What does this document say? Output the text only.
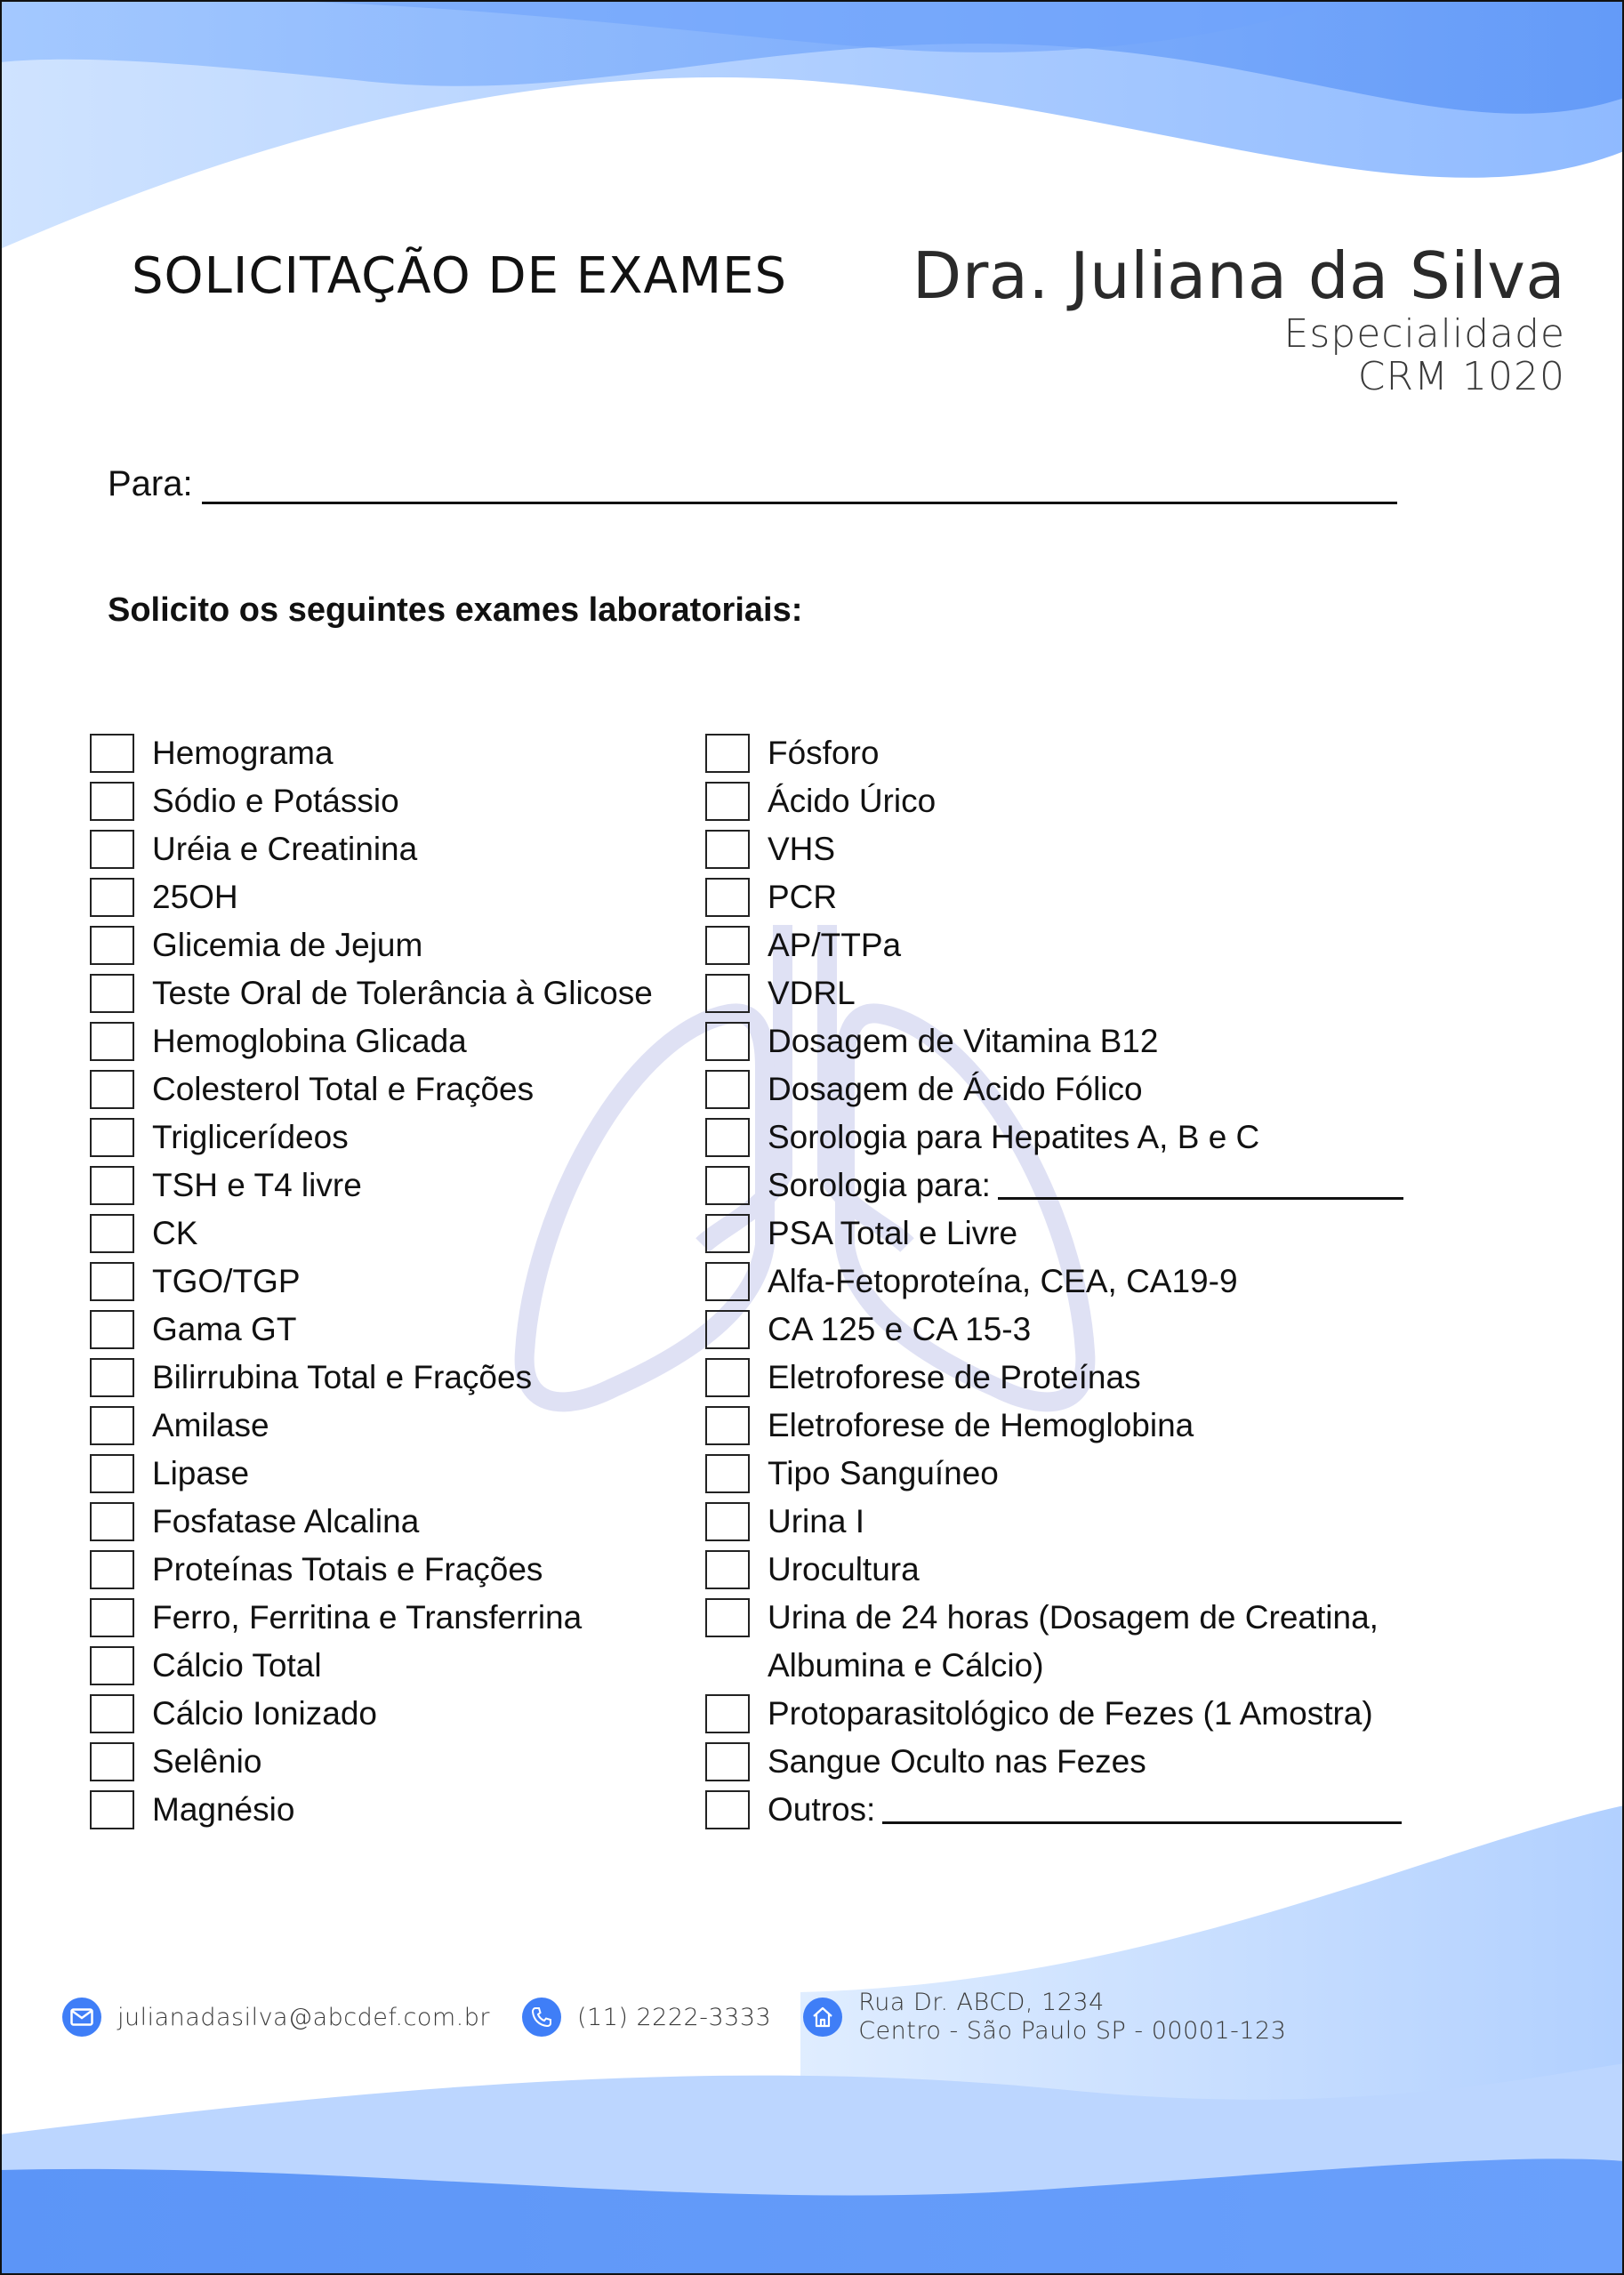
SOLICITAÇÃO DE EXAMES Dra. Juliana da Silva
Especialidade
CRM 1020
Para:
Solicito os seguintes exames laboratoriais:
Hemograma
Sódio e Potássio
Uréia e Creatinina
25OH
Glicemia de Jejum
Teste Oral de Tolerância à Glicose
Hemoglobina Glicada
Colesterol Total e Frações
Triglicerídeos
TSH e T4 livre
CK
TGO/TGP
Gama GT
Bilirrubina Total e Frações
Amilase
Lipase
Fosfatase Alcalina
Proteínas Totais e Frações
Ferro, Ferritina e Transferrina
Cálcio Total
Cálcio Ionizado
Selênio
Magnésio
Fósforo
Ácido Úrico
VHS
PCR
AP/TTPa
VDRL
Dosagem de Vitamina B12
Dosagem de Ácido Fólico
Sorologia para Hepatites A, B e C
Sorologia para:
PSA Total e Livre
Alfa-Fetoproteína, CEA, CA19-9
CA 125 e CA 15-3
Eletroforese de Proteínas
Eletroforese de Hemoglobina
Tipo Sanguíneo
Urina I
Urocultura
Urina de 24 horas (Dosagem de Creatina, Albumina e Cálcio)
Protoparasitológico de Fezes (1 Amostra)
Sangue Oculto nas Fezes
Outros:
julianadasilva@abcdef.com.br	(11) 2222-3333
Rua Dr. ABCD, 1234
Centro - São Paulo SP - 00001-123
